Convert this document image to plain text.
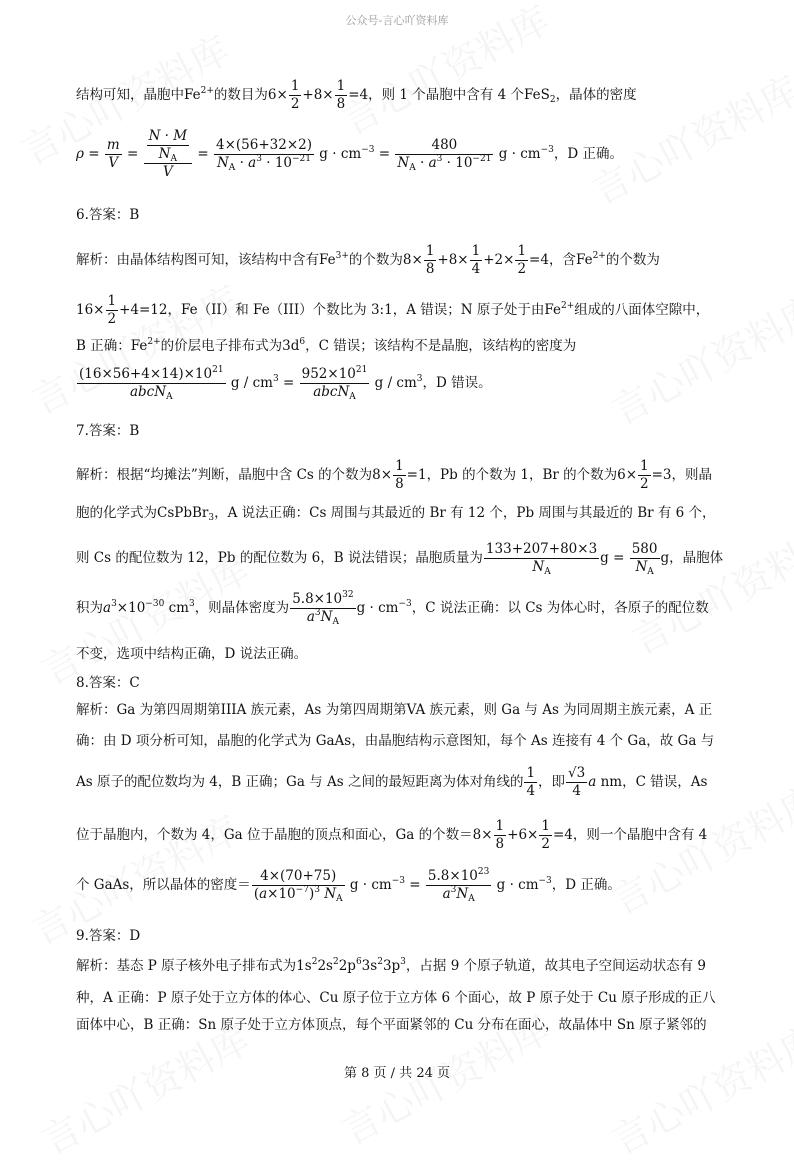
公众号-言心吖资料库
结构可知，晶胞中$Fe^{2+}$的数目为$6\times \frac{1}{2} +8\times \frac{1}{8} =4$，则 1 个晶胞中含有 4 个FeS$_2$，晶体的密度
$\rho = \frac{m}{V} = \frac{\frac{N \cdot M}{N_A}}{V} = \frac{4\times(56+32\times 2)}{N_A \cdot a^3 \cdot 10^{-21}}$ $g \cdot cm^{-3} = \frac{480}{N_A \cdot a^3 \cdot 10^{-21}}$ $g \cdot cm^{-3}$，D 正确。
6.答案：B
解析：由晶体结构图可知，该结构中含有$Fe^{3+}$的个数为$8\times \frac{1}{8} +8\times \frac{1}{4} +2\times \frac{1}{2} =4$，含$Fe^{2+}$的个数为
$16\times \frac{1}{2} +4=12$，Fe（II）和 Fe（III）个数比为 3:1，A 错误；N 原子处于由$Fe^{2+}$组成的八面体空隙中，
B 正确：$Fe^{2+}$的价层电子排布式为$3d^6$，C 错误；该结构不是晶胞，该结构的密度为
$\frac{(16\times 56+4\times 14)\times 10^{21}}{abcN_A}$ $g / cm^3 = \frac{952\times 10^{21}}{abcN_A}$ g / $cm^3$，D 错误。
7.答案：B
解析：根据“均摊法”判断，晶胞中含 Cs 的个数为$8\times \frac{1}{8} =1$，Pb 的个数为 1，Br 的个数为$6\times \frac{1}{2} =3$，则晶
胞的化学式为CsPbBr$_3$，A 说法正确：Cs 周围与其最近的 Br 有 12 个，Pb 周围与其最近的 Br 有 6 个，
则 Cs 的配位数为 12，Pb 的配位数为 6，B 说法错误；晶胞质量为 $\frac{133+207+80\times 3}{N_A}$ $g = \frac{580}{N_A}$ g，晶胞体
积为$a^3\times 10^{-30}$ $cm^3$，则晶体密度为 $\frac{5.8\times 10^{32}}{a^3N_A}$ $g \cdot cm^{-3}$，C 说法正确：以 Cs 为体心时，各原子的配位数
不变，选项中结构正确，D 说法正确。
8.答案：C
解析：Ga 为第四周期第IIIA 族元素，As 为第四周期第VA 族元素，则 Ga 与 As 为同周期主族元素，A 正
确：由 D 项分析可知，晶胞的化学式为 GaAs，由晶胞结构示意图知，每个 As 连接有 4 个 Ga，故 Ga 与
As 原子的配位数均为 4，B 正确；Ga 与 As 之间的最短距离为体对角线的 $\frac{1}{4}$ ，即 $\frac{√3}{4}$ a nm，C 错误，As
位于晶胞内，个数为 4，Ga 位于晶胞的顶点和面心，Ga 的个数$=8\times \frac{1}{8} +6\times \frac{1}{2} =4$，则一个晶胞中含有 4
个 GaAs，所以晶体的密度＝ $\frac{4\times(70+75)}{(a\times 10^{-7})^3 N_A}$ $g \cdot cm^{-3} = \frac{5.8\times 10^{23}}{a^3N_A}$ $g \cdot cm^{-3}$，D 正确。
9.答案：D
解析：基态 P 原子核外电子排布式为$1s^22s^22p^63s^23p^3$，占据 9 个原子轨道，故其电子空间运动状态有 9
种，A 正确：P 原子处于立方体的体心、Cu 原子位于立方体 6 个面心，故 P 原子处于 Cu 原子形成的正八
面体中心，B 正确：Sn 原子处于立方体顶点，每个平面紧邻的 Cu 分布在面心，故晶体中 Sn 原子紧邻的
第 8 页 / 共 24 页
